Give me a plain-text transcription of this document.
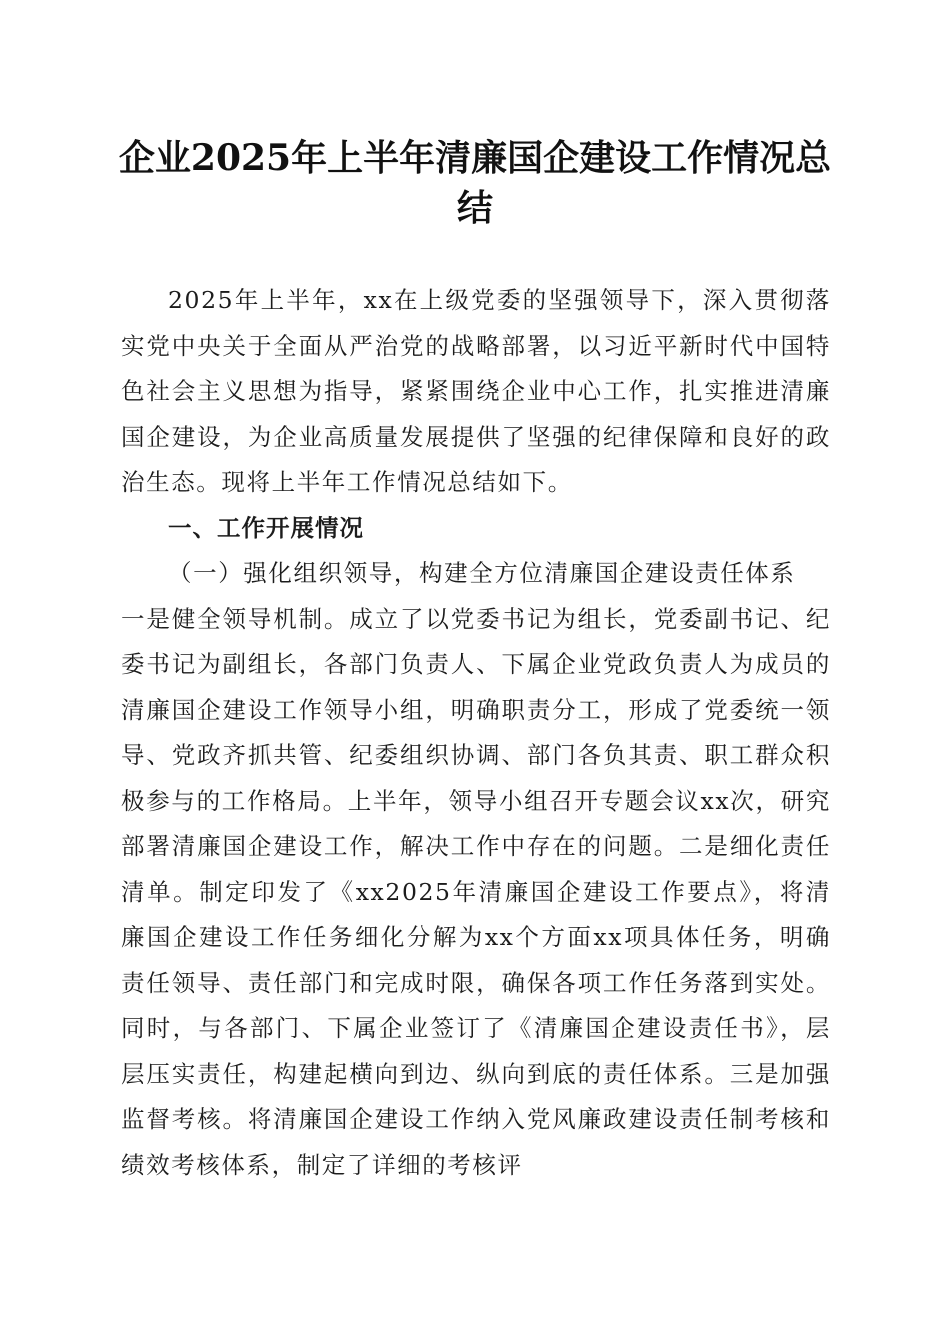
企业2025年上半年清廉国企建设工作情况总结

2025年上半年，xx在上级党委的坚强领导下，深入贯彻落实党中央关于全面从严治党的战略部署，以习近平新时代中国特色社会主义思想为指导，紧紧围绕企业中心工作，扎实推进清廉国企建设，为企业高质量发展提供了坚强的纪律保障和良好的政治生态。现将上半年工作情况总结如下。

一、工作开展情况

（一）强化组织领导，构建全方位清廉国企建设责任体系

一是健全领导机制。成立了以党委书记为组长，党委副书记、纪委书记为副组长，各部门负责人、下属企业党政负责人为成员的清廉国企建设工作领导小组，明确职责分工，形成了党委统一领导、党政齐抓共管、纪委组织协调、部门各负其责、职工群众积极参与的工作格局。上半年，领导小组召开专题会议xx次，研究部署清廉国企建设工作，解决工作中存在的问题。二是细化责任清单。制定印发了《xx2025年清廉国企建设工作要点》，将清廉国企建设工作任务细化分解为xx个方面xx项具体任务，明确责任领导、责任部门和完成时限，确保各项工作任务落到实处。同时，与各部门、下属企业签订了《清廉国企建设责任书》，层层压实责任，构建起横向到边、纵向到底的责任体系。三是加强监督考核。将清廉国企建设工作纳入党风廉政建设责任制考核和绩效考核体系，制定了详细的考核评
